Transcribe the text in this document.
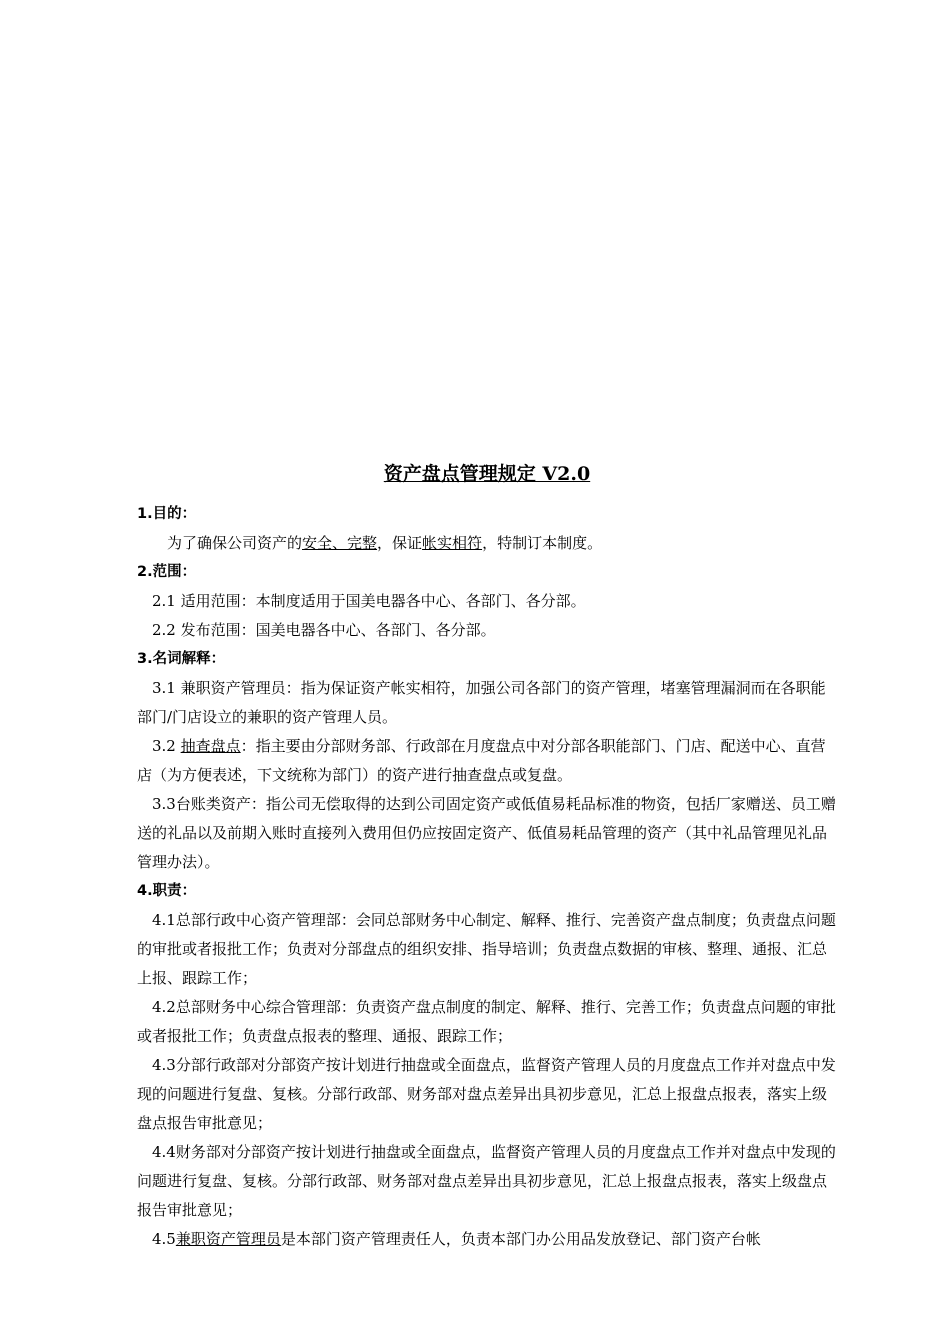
资产盘点管理规定 V2.0
1.目的：

为了确保公司资产的安全、完整，保证帐实相符，特制订本制度。

2.范围：

2.1 适用范围：本制度适用于国美电器各中心、各部门、各分部。

2.2 发布范围：国美电器各中心、各部门、各分部。

3.名词解释：

3.1 兼职资产管理员：指为保证资产帐实相符，加强公司各部门的资产管理，堵塞管理漏洞而在各职能部门/门店设立的兼职的资产管理人员。

3.2 抽查盘点：指主要由分部财务部、行政部在月度盘点中对分部各职能部门、门店、配送中心、直营店（为方便表述，下文统称为部门）的资产进行抽查盘点或复盘。

3.3台账类资产：指公司无偿取得的达到公司固定资产或低值易耗品标准的物资，包括厂家赠送、员工赠送的礼品以及前期入账时直接列入费用但仍应按固定资产、低值易耗品管理的资产（其中礼品管理见礼品管理办法）。

4.职责：

4.1总部行政中心资产管理部：会同总部财务中心制定、解释、推行、完善资产盘点制度；负责盘点问题的审批或者报批工作；负责对分部盘点的组织安排、指导培训；负责盘点数据的审核、整理、通报、汇总上报、跟踪工作；

4.2总部财务中心综合管理部：负责资产盘点制度的制定、解释、推行、完善工作；负责盘点问题的审批或者报批工作；负责盘点报表的整理、通报、跟踪工作；

4.3分部行政部对分部资产按计划进行抽盘或全面盘点，监督资产管理人员的月度盘点工作并对盘点中发现的问题进行复盘、复核。分部行政部、财务部对盘点差异出具初步意见，汇总上报盘点报表，落实上级盘点报告审批意见；

4.4财务部对分部资产按计划进行抽盘或全面盘点，监督资产管理人员的月度盘点工作并对盘点中发现的问题进行复盘、复核。分部行政部、财务部对盘点差异出具初步意见，汇总上报盘点报表，落实上级盘点报告审批意见；

4.5兼职资产管理员是本部门资产管理责任人，负责本部门办公用品发放登记、部门资产台帐
